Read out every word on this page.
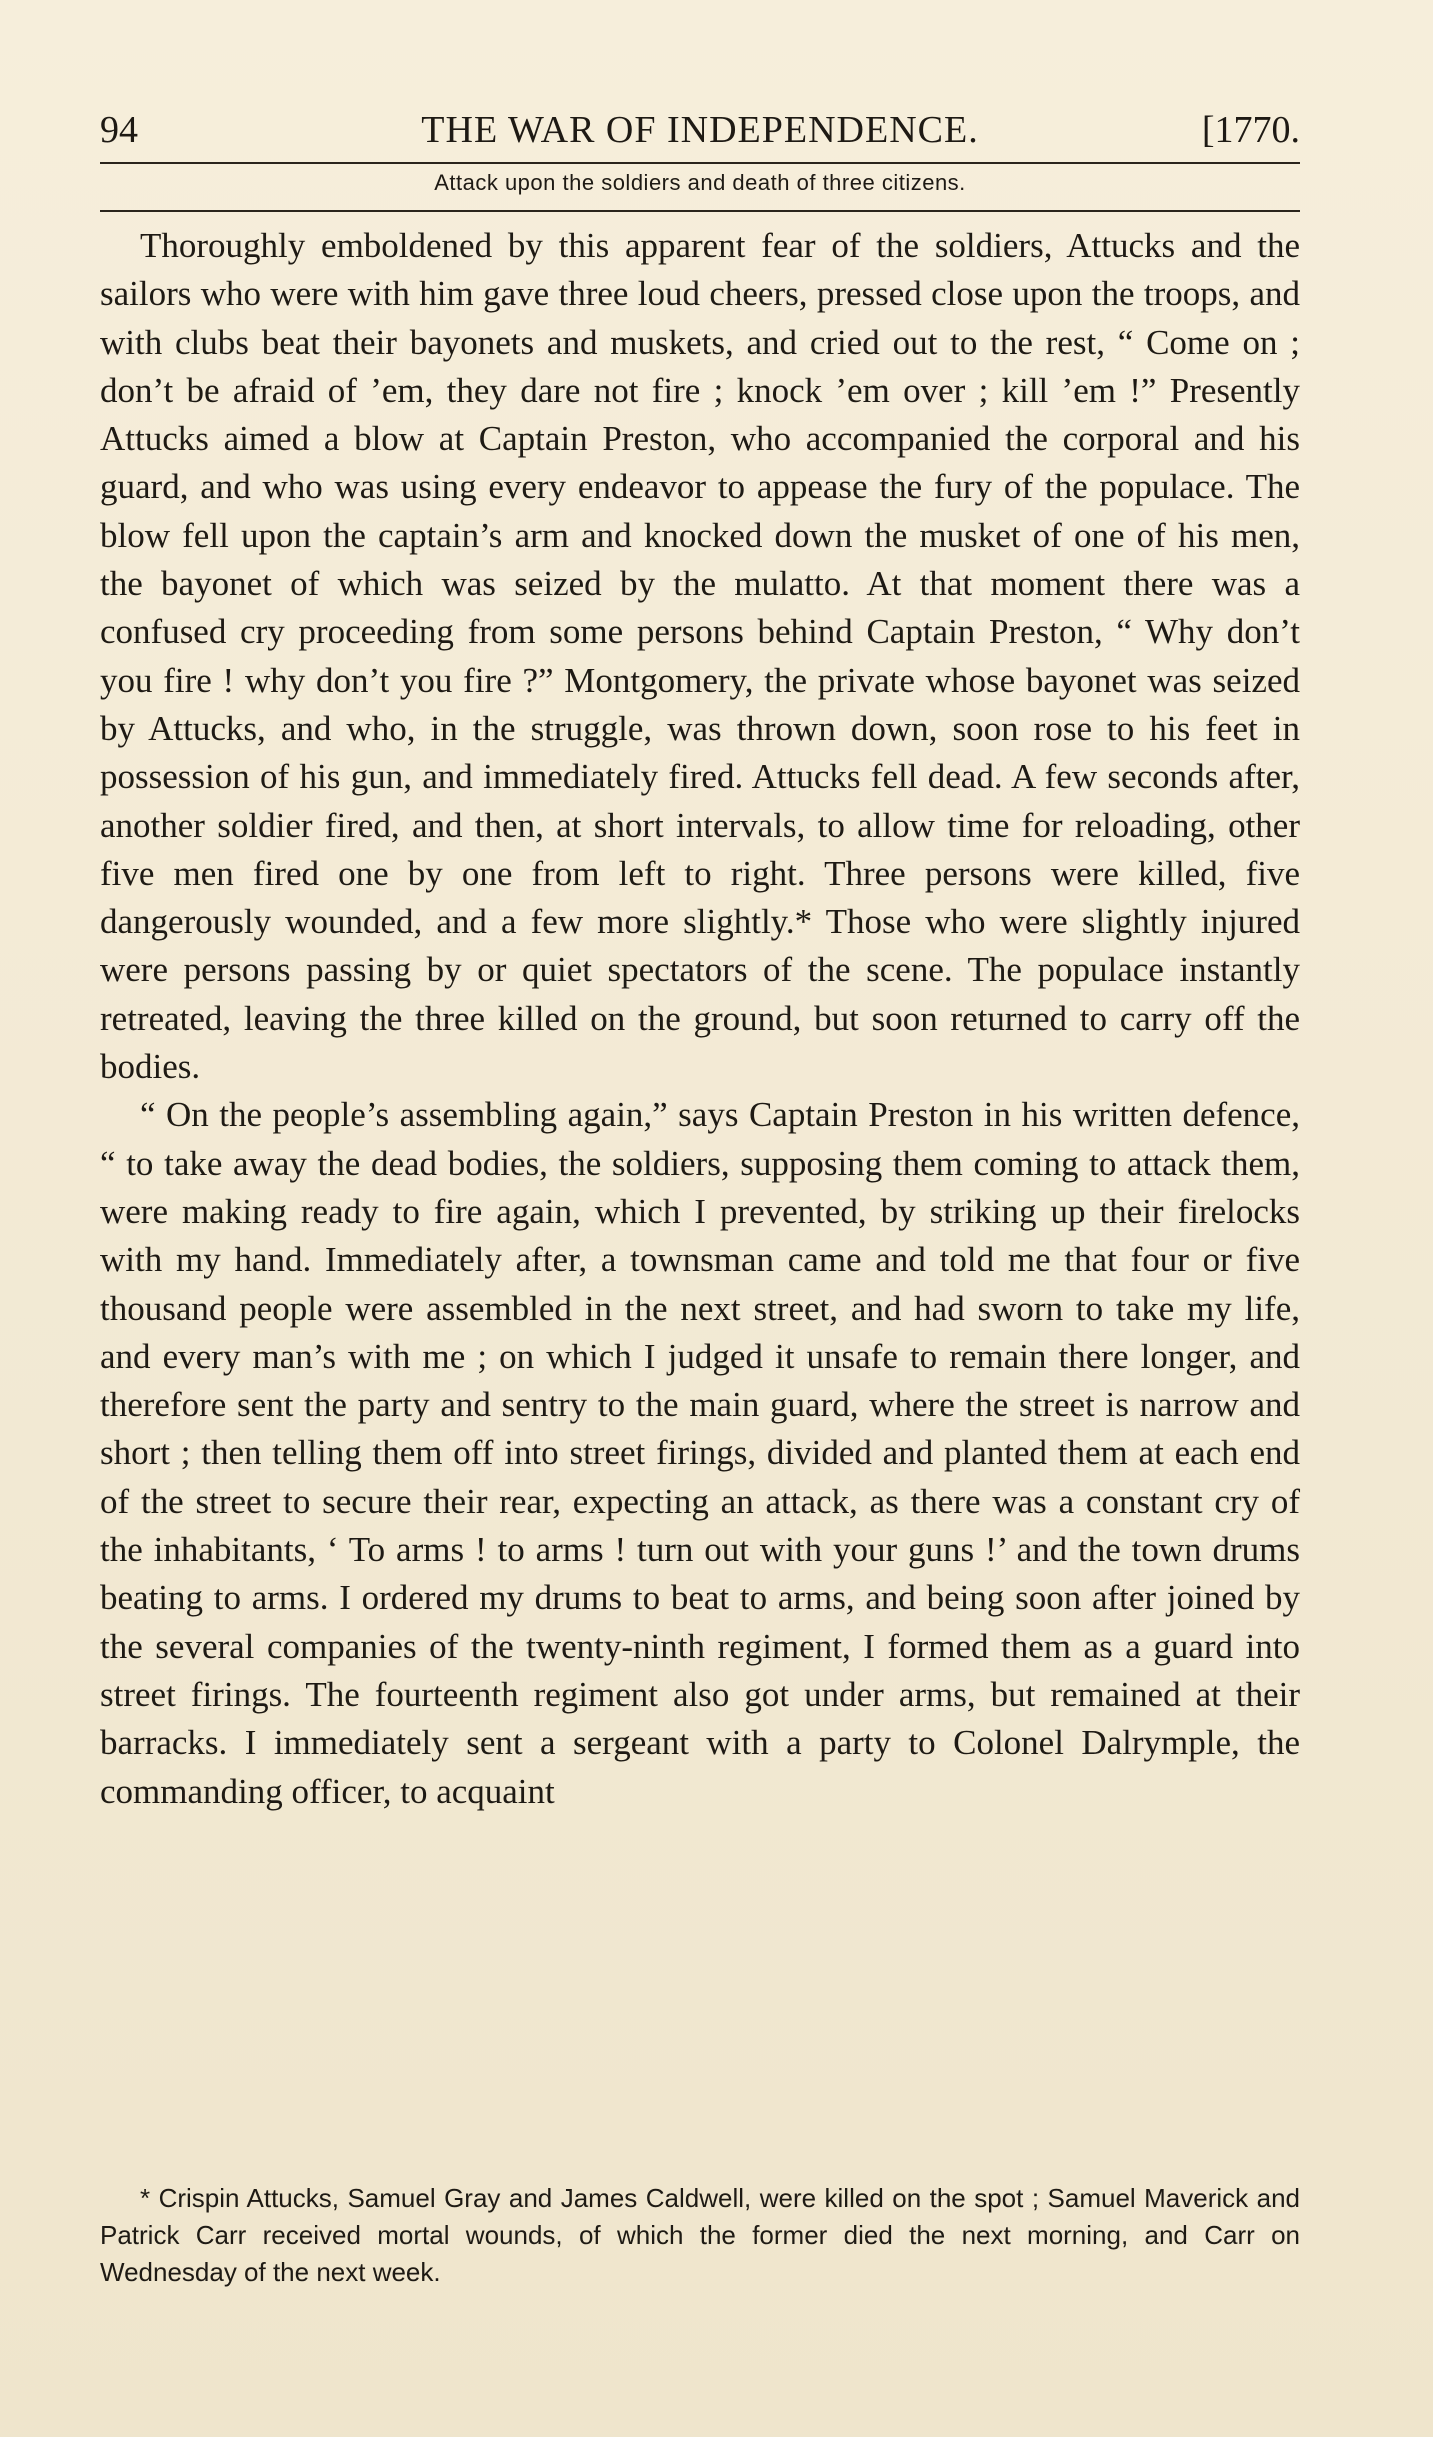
94	THE WAR OF INDEPENDENCE.	[1770.
Attack upon the soldiers and death of three citizens.

Thoroughly emboldened by this apparent fear of the soldiers, Attucks and the sailors who were with him gave three loud cheers, pressed close upon the troops, and with clubs beat their bayonets and muskets, and cried out to the rest, “ Come on ; don’t be afraid of ’em, they dare not fire ; knock ’em over ; kill ’em !” Presently Attucks aimed a blow at Captain Preston, who accompanied the corporal and his guard, and who was using every endeavor to appease the fury of the populace. The blow fell upon the captain’s arm and knocked down the musket of one of his men, the bayonet of which was seized by the mulatto. At that moment there was a confused cry proceeding from some persons behind Captain Preston, “ Why don’t you fire ! why don’t you fire ?” Montgomery, the private whose bayonet was seized by Attucks, and who, in the struggle, was thrown down, soon rose to his feet in possession of his gun, and immediately fired. Attucks fell dead. A few seconds after, another soldier fired, and then, at short intervals, to allow time for reloading, other five men fired one by one from left to right. Three persons were killed, five dangerously wounded, and a few more slightly.* Those who were slightly injured were persons passing by or quiet spectators of the scene. The populace instantly retreated, leaving the three killed on the ground, but soon returned to carry off the bodies.

“ On the people’s assembling again,” says Captain Preston in his written defence, “ to take away the dead bodies, the soldiers, supposing them coming to attack them, were making ready to fire again, which I prevented, by striking up their firelocks with my hand. Immediately after, a townsman came and told me that four or five thousand people were assembled in the next street, and had sworn to take my life, and every man’s with me ; on which I judged it unsafe to remain there longer, and therefore sent the party and sentry to the main guard, where the street is narrow and short ; then telling them off into street firings, divided and planted them at each end of the street to secure their rear, expecting an attack, as there was a constant cry of the inhabitants, ‘ To arms ! to arms ! turn out with your guns !’ and the town drums beating to arms. I ordered my drums to beat to arms, and being soon after joined by the several companies of the twenty-ninth regiment, I formed them as a guard into street firings. The fourteenth regiment also got under arms, but remained at their barracks. I immediately sent a sergeant with a party to Colonel Dalrymple, the commanding officer, to acquaint

* Crispin Attucks, Samuel Gray and James Caldwell, were killed on the spot ; Samuel Maverick and Patrick Carr received mortal wounds, of which the former died the next morning, and Carr on Wednesday of the next week.
